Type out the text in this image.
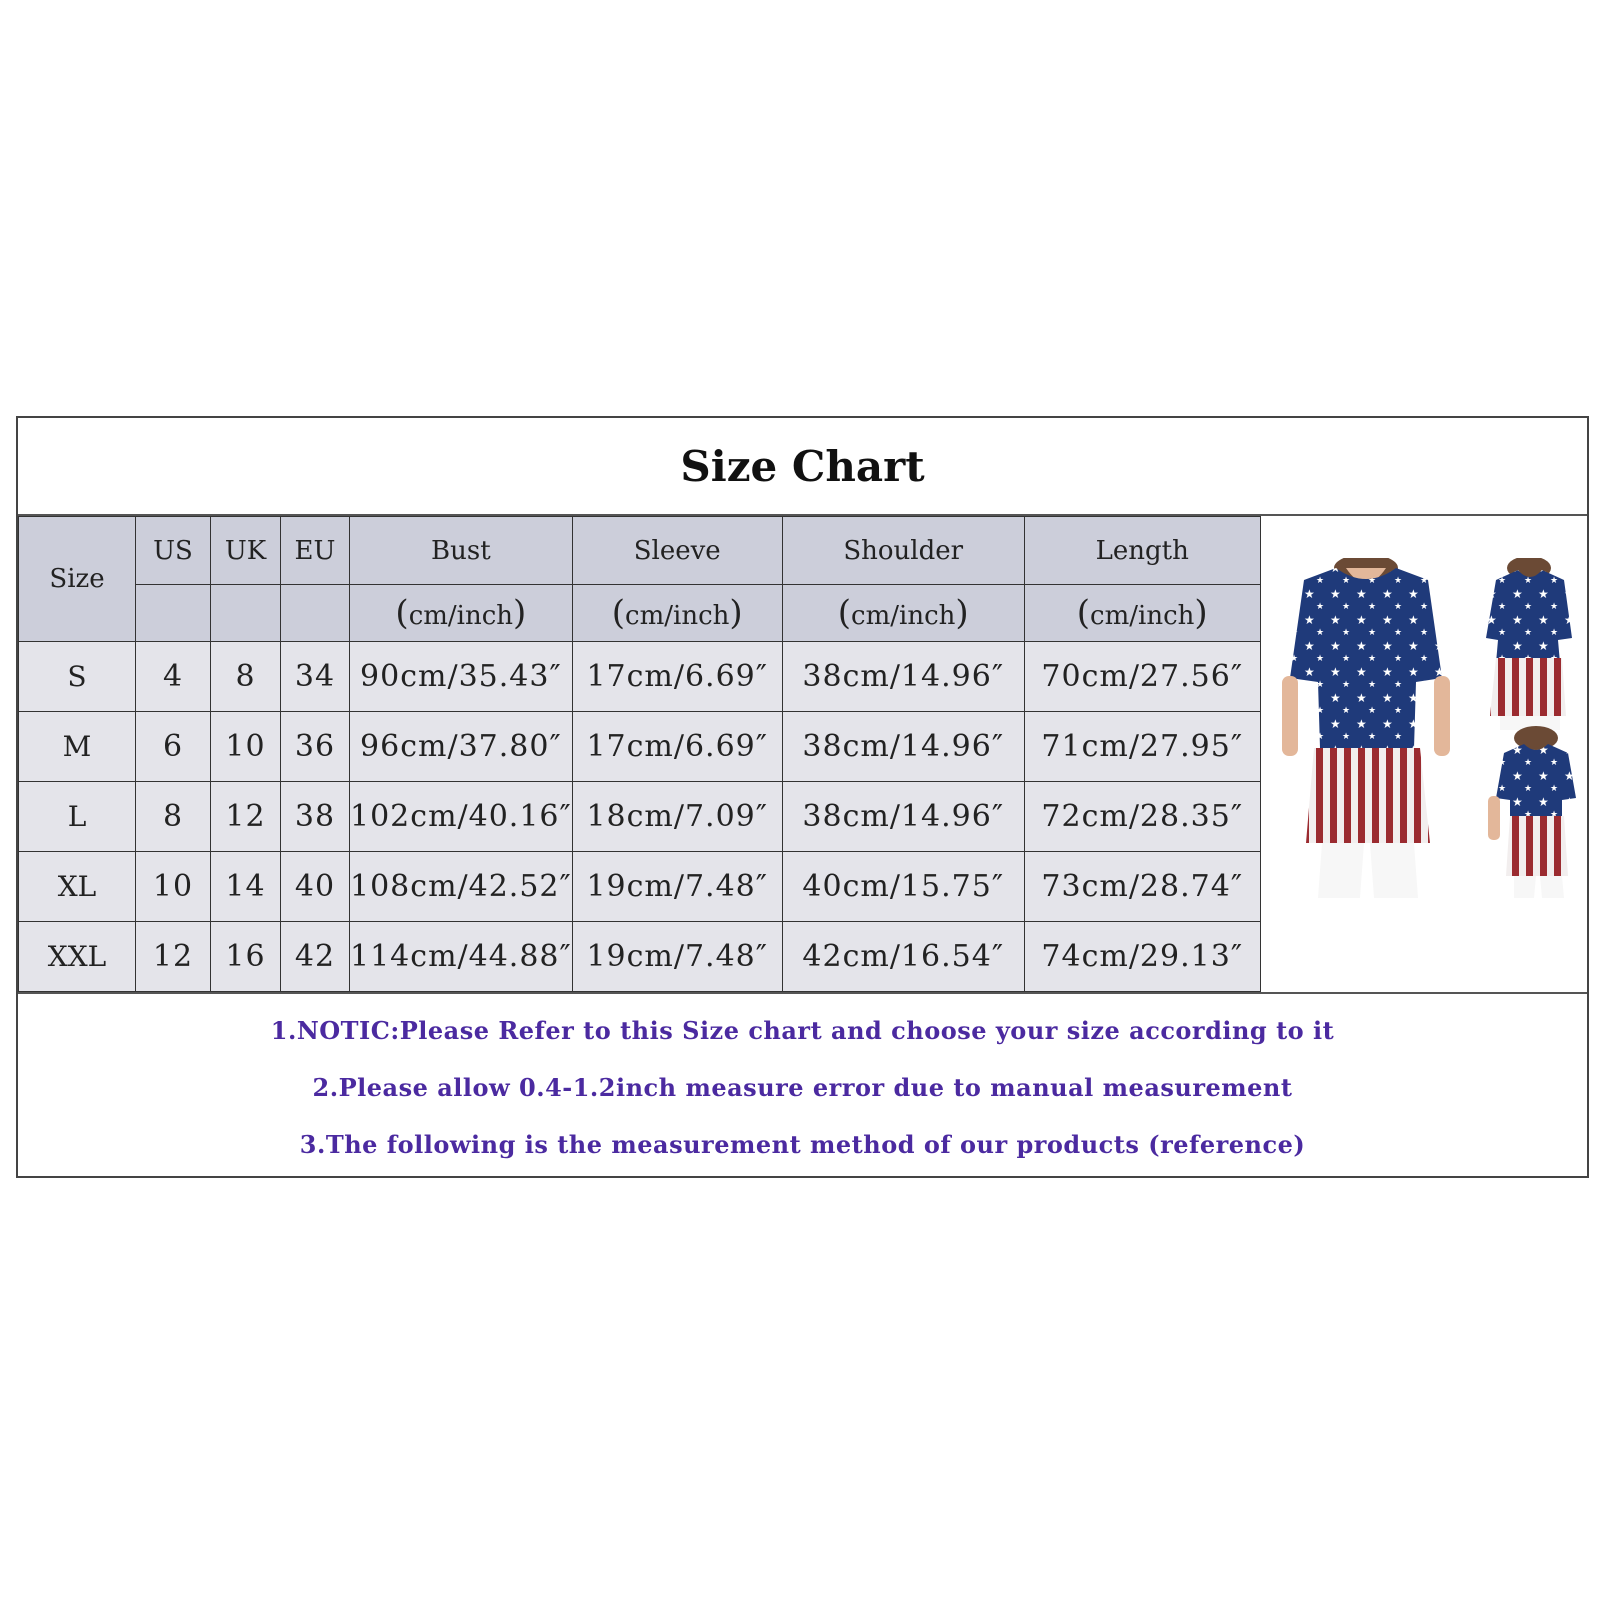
Size Chart
Size	US	UK	EU	Bust	Sleeve	Shoulder	Length
				(cm/inch)	(cm/inch)	(cm/inch)	(cm/inch)
S	4	8	34	90cm/35.43″	17cm/6.69″	38cm/14.96″	70cm/27.56″
M	6	10	36	96cm/37.80″	17cm/6.69″	38cm/14.96″	71cm/27.95″
L	8	12	38	102cm/40.16″	18cm/7.09″	38cm/14.96″	72cm/28.35″
XL	10	14	40	108cm/42.52″	19cm/7.48″	40cm/15.75″	73cm/28.74″
XXL	12	16	42	114cm/44.88″	19cm/7.48″	42cm/16.54″	74cm/29.13″
1.NOTIC:Please Refer to this Size chart and choose your size according to it
2.Please allow 0.4-1.2inch measure error due to manual measurement
3.The following is the measurement method of our products (reference)
